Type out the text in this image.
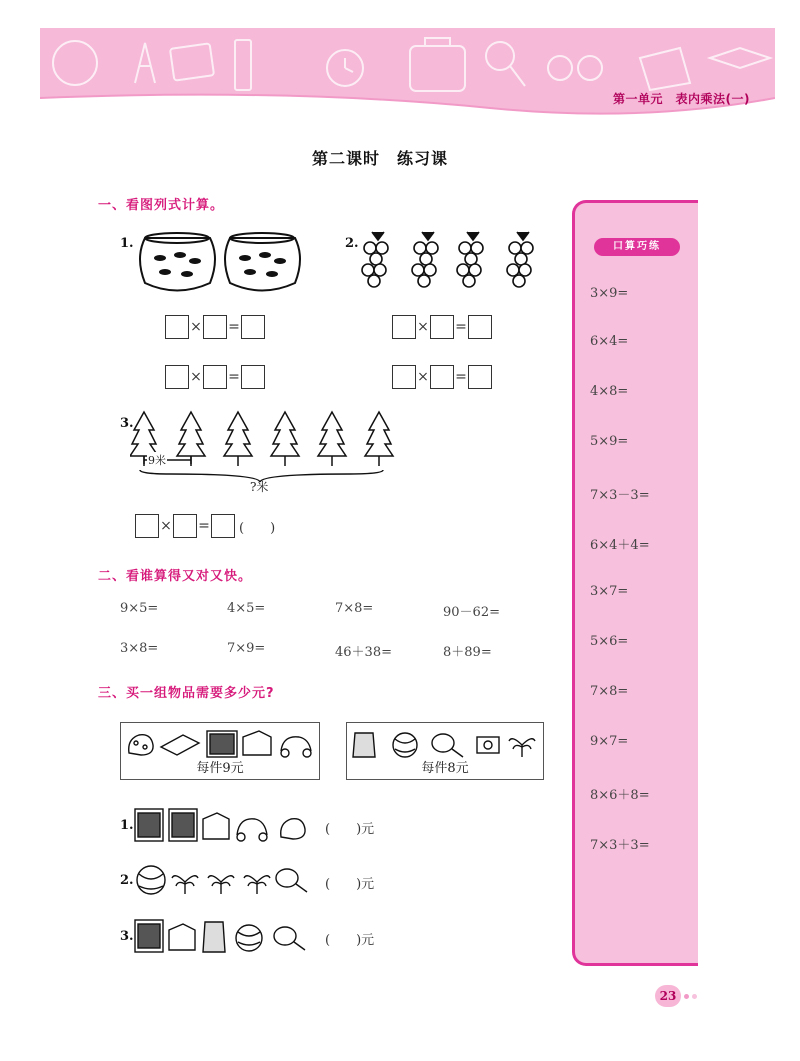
第一单元　表内乘法(一)
第二课时　练习课
一、看图列式计算。
1.	2.
× =
× =
× =
× =
3.
9米
?米
× = (　　)
二、看谁算得又对又快。
9×5=	4×5=	7×8=	90－62=
3×8=	7×9=	46＋38=	8＋89=
三、买一组物品需要多少元?
每件9元	每件8元
1.	(　　)元
2.	(　　)元
3.	(　　)元
口算巧练
3×9=
6×4=
4×8=
5×9=
7×3－3=
6×4＋4=
3×7=
5×6=
7×8=
9×7=
8×6＋8=
7×3＋3=
23
